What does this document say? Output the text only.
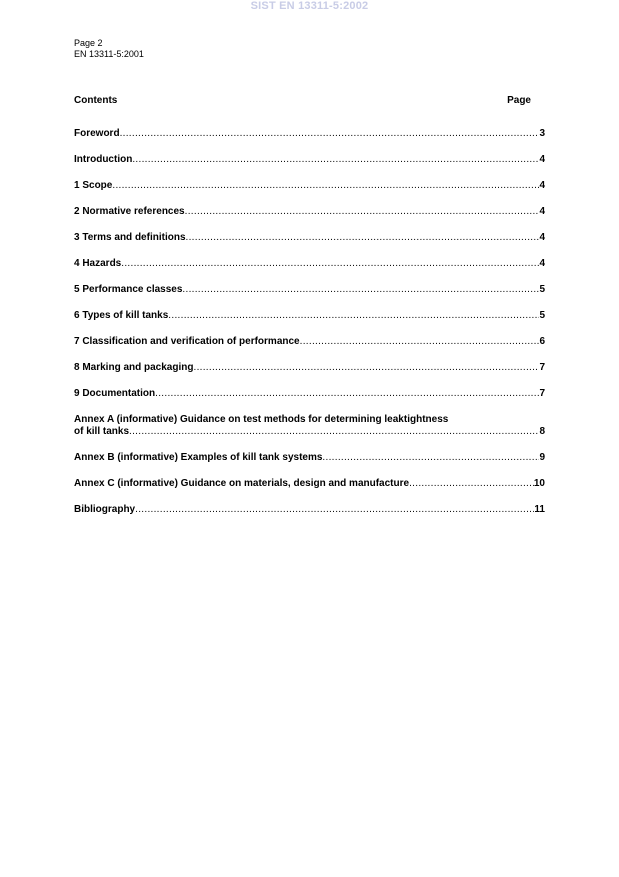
SIST EN 13311-5:2002
Page 2
EN 13311-5:2001
Contents	Page
Foreword .....	3
Introduction .....	4
1 Scope .....	4
2 Normative references .....	4
3 Terms and definitions .....	4
4 Hazards .....	4
5 Performance classes .....	5
6 Types of kill tanks .....	5
7 Classification and verification of performance .....	6
8 Marking and packaging .....	7
9 Documentation .....	7
Annex A (informative) Guidance on test methods for determining leaktightness
of kill tanks .....	8
Annex B (informative) Examples of kill tank systems .....	9
Annex C (informative) Guidance on materials, design and manufacture .....	10
Bibliography .....	11
